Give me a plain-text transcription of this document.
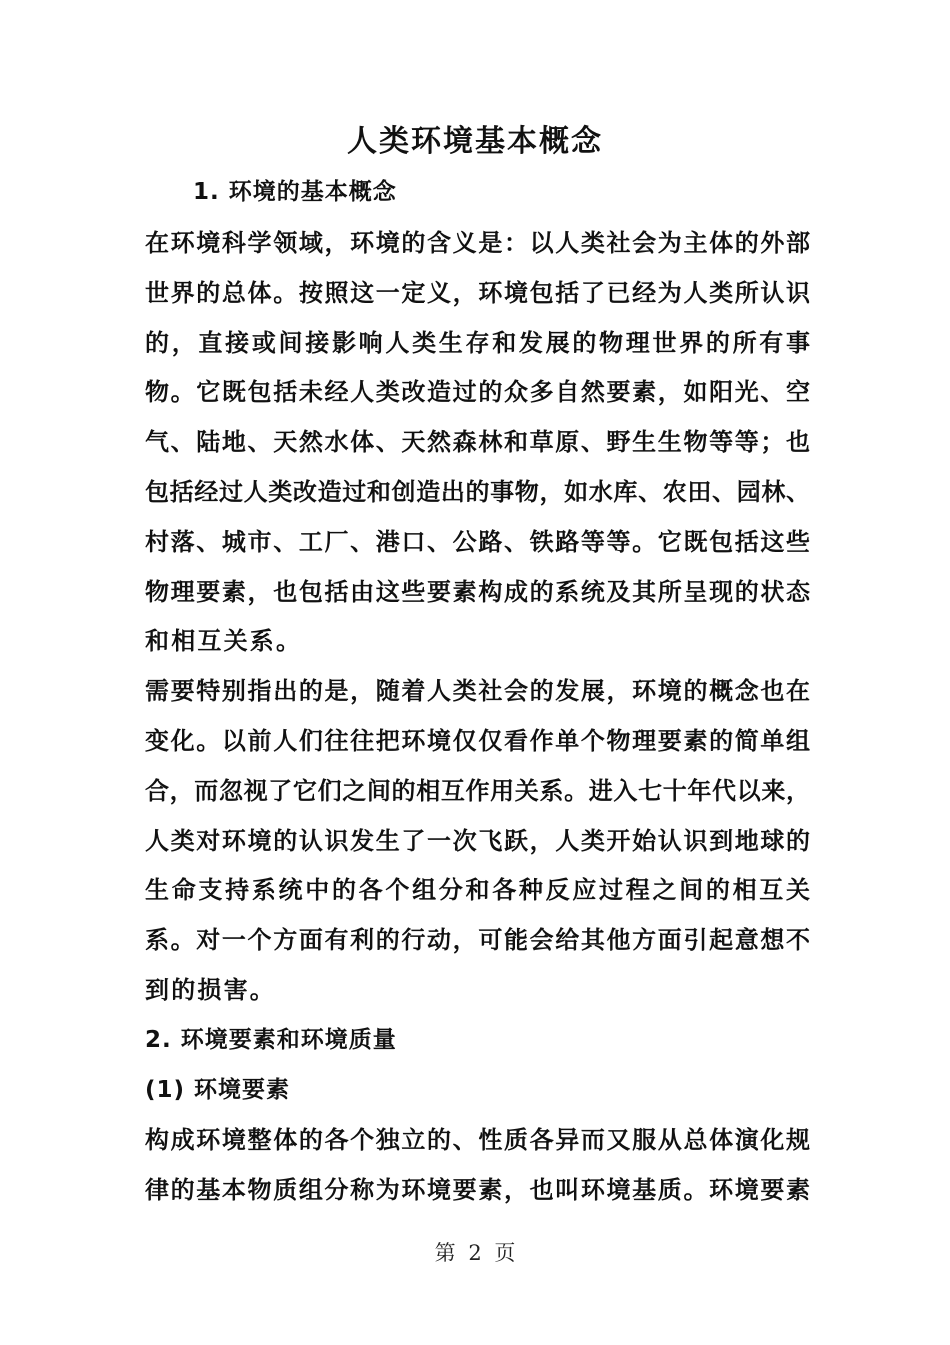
人类环境基本概念
1. 环境的基本概念
在环境科学领域，环境的含义是：以人类社会为主体的外部
世界的总体。按照这一定义，环境包括了已经为人类所认识
的，直接或间接影响人类生存和发展的物理世界的所有事
物。它既包括未经人类改造过的众多自然要素，如阳光、空
气、陆地、天然水体、天然森林和草原、野生生物等等；也
包括经过人类改造过和创造出的事物，如水库、农田、园林、
村落、城市、工厂、港口、公路、铁路等等。它既包括这些
物理要素，也包括由这些要素构成的系统及其所呈现的状态
和相互关系。
需要特别指出的是，随着人类社会的发展，环境的概念也在
变化。以前人们往往把环境仅仅看作单个物理要素的简单组
合，而忽视了它们之间的相互作用关系。进入七十年代以来，
人类对环境的认识发生了一次飞跃，人类开始认识到地球的
生命支持系统中的各个组分和各种反应过程之间的相互关
系。对一个方面有利的行动，可能会给其他方面引起意想不
到的损害。
2. 环境要素和环境质量
(1) 环境要素
构成环境整体的各个独立的、性质各异而又服从总体演化规
律的基本物质组分称为环境要素，也叫环境基质。环境要素
第 2 页
